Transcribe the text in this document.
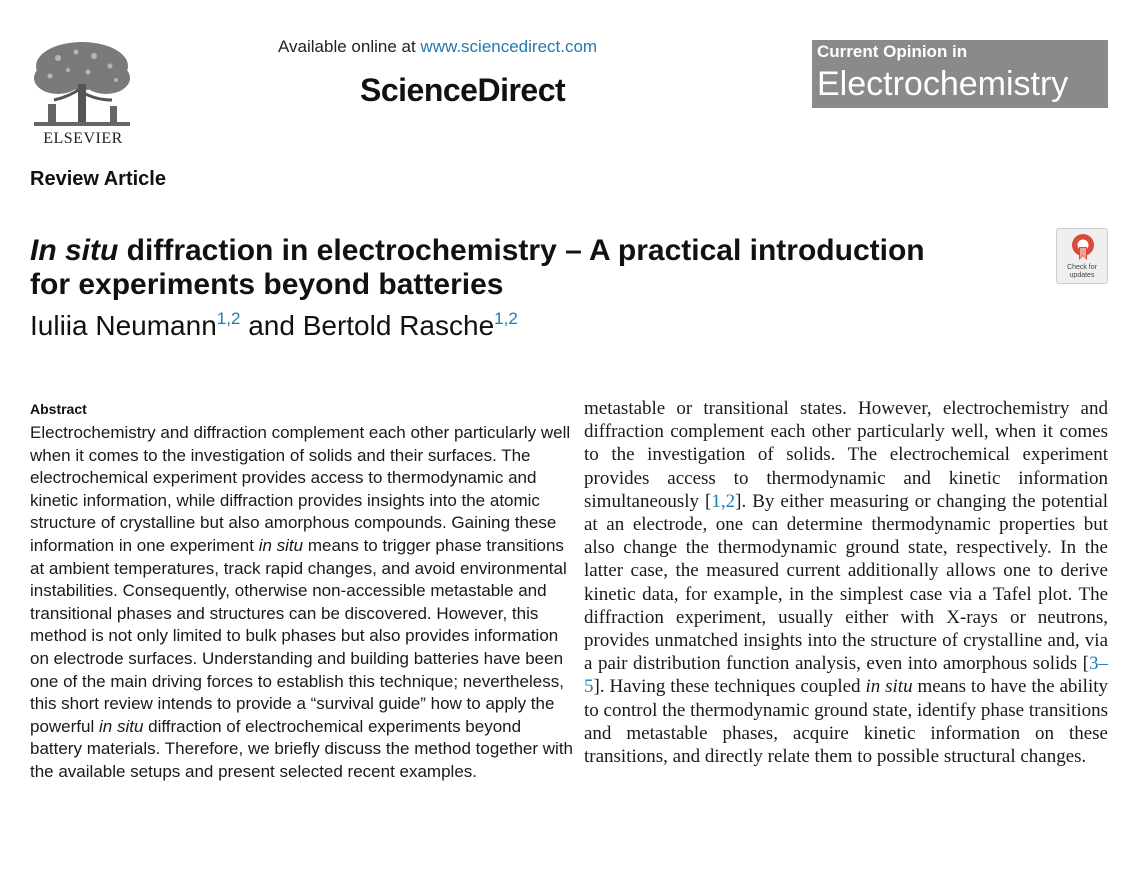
ELSEVIER
Available online at www.sciencedirect.com
ScienceDirect
Current Opinion in
Electrochemistry
Review Article
In situ diffraction in electrochemistry – A practical introduction for experiments beyond batteries
Check for updates
Iuliia Neumann$^{1,2}$ and Bertold Rasche$^{1,2}$
Abstract

Electrochemistry and diffraction complement each other particularly well when it comes to the investigation of solids and their surfaces. The electrochemical experiment provides access to thermodynamic and kinetic information, while diffraction provides insights into the atomic structure of crystalline but also amorphous compounds. Gaining these information in one experiment in situ means to trigger phase transitions at ambient temperatures, track rapid changes, and avoid environmental instabilities. Consequently, otherwise non-accessible metastable and transitional phases and structures can be discovered. However, this method is not only limited to bulk phases but also provides information on electrode surfaces. Understanding and building batteries have been one of the main driving forces to establish this technique; nevertheless, this short review intends to provide a “survival guide” how to apply the powerful in situ diffraction of electrochemical experiments beyond battery materials. Therefore, we briefly discuss the method together with the available setups and present selected recent examples.

metastable or transitional states. However, electrochemistry and diffraction complement each other particularly well, when it comes to the investigation of solids. The electrochemical experiment provides access to thermodynamic and kinetic information simultaneously [1,2]. By either measuring or changing the potential at an electrode, one can determine thermodynamic properties but also change the thermodynamic ground state, respectively. In the latter case, the measured current additionally allows one to derive kinetic data, for example, in the simplest case via a Tafel plot. The diffraction experiment, usually either with X-rays or neutrons, provides unmatched insights into the structure of crystalline and, via a pair distribution function analysis, even into amorphous solids [3–5]. Having these techniques coupled in situ means to have the ability to control the thermodynamic ground state, identify phase transitions and metastable phases, acquire kinetic information on these transitions, and directly relate them to possible structural changes.
